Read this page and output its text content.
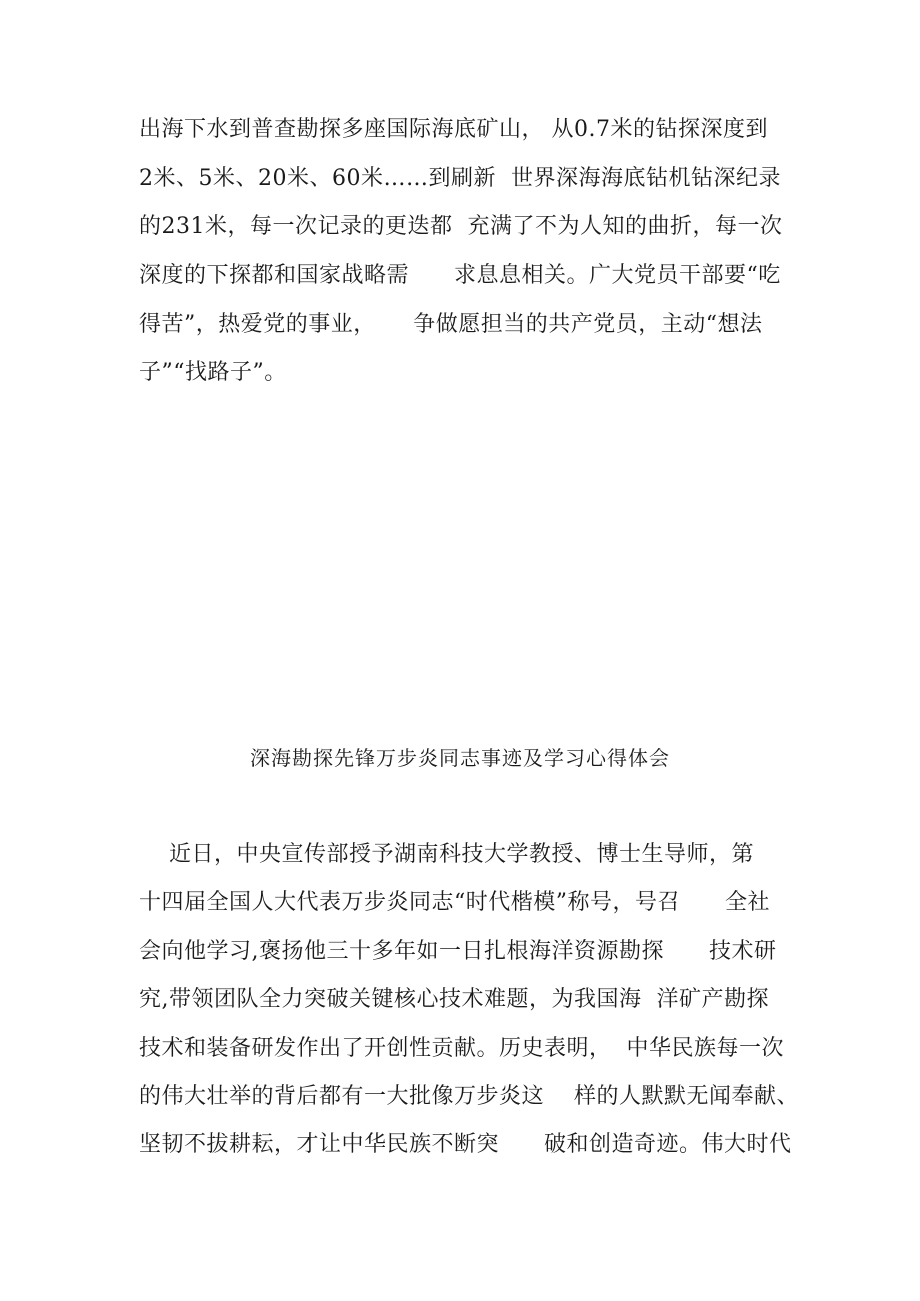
出海下水到普查勘探多座国际海底矿山， 从0.7米的钻探深度到
2米、5米、20米、60米……到刷新  世界深海海底钻机钻深纪录
的231米，每一次记录的更迭都  充满了不为人知的曲折，每一次
深度的下探都和国家战略需      求息息相关。广大党员干部要“吃
得苦”，热爱党的事业，     争做愿担当的共产党员，主动“想法
子”“找路子”。
深海勘探先锋万步炎同志事迹及学习心得体会
近日，中央宣传部授予湖南科技大学教授、博士生导师，第
十四届全国人大代表万步炎同志“时代楷模”称号，号召      全社
会向他学习,褒扬他三十多年如一日扎根海洋资源勘探      技术研
究,带领团队全力突破关键核心技术难题，为我国海  洋矿产勘探
技术和装备研发作出了开创性贡献。历史表明，  中华民族每一次
的伟大壮举的背后都有一大批像万步炎这    样的人默默无闻奉献、
坚韧不拔耕耘，才让中华民族不断突      破和创造奇迹。伟大时代
